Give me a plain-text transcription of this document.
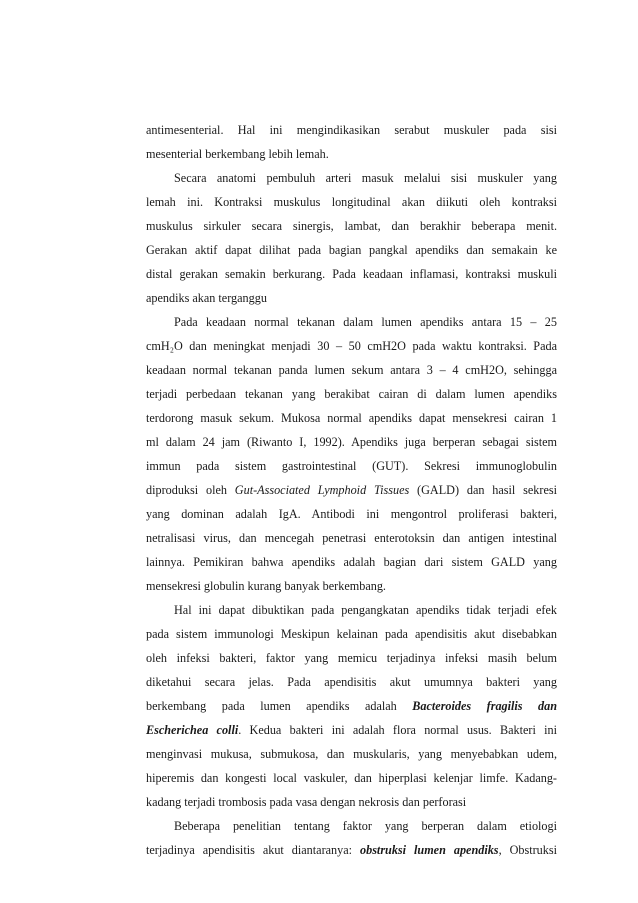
antimesenterial. Hal ini mengindikasikan serabut muskuler pada sisi
mesenterial berkembang lebih lemah.
Secara anatomi pembuluh arteri masuk melalui sisi muskuler yang
lemah ini. Kontraksi muskulus longitudinal akan diikuti oleh kontraksi
muskulus sirkuler secara sinergis, lambat, dan berakhir beberapa menit.
Gerakan aktif dapat dilihat pada bagian pangkal apendiks dan semakain ke
distal gerakan semakin berkurang. Pada keadaan inflamasi, kontraksi muskuli
apendiks akan terganggu
Pada keadaan normal tekanan dalam lumen apendiks antara 15 – 25
cmH₂O dan meningkat menjadi 30 – 50 cmH2O pada waktu kontraksi. Pada
keadaan normal tekanan panda lumen sekum antara 3 – 4 cmH2O, sehingga
terjadi perbedaan tekanan yang berakibat cairan di dalam lumen apendiks
terdorong masuk sekum. Mukosa normal apendiks dapat mensekresi cairan 1
ml dalam 24 jam (Riwanto I, 1992). Apendiks juga berperan sebagai sistem
immun pada sistem gastrointestinal (GUT). Sekresi immunoglobulin
diproduksi oleh Gut-Associated Lymphoid Tissues (GALD) dan hasil sekresi
yang dominan adalah IgA. Antibodi ini mengontrol proliferasi bakteri,
netralisasi virus, dan mencegah penetrasi enterotoksin dan antigen intestinal
lainnya. Pemikiran bahwa apendiks adalah bagian dari sistem GALD yang
mensekresi globulin kurang banyak berkembang.
Hal ini dapat dibuktikan pada pengangkatan apendiks tidak terjadi efek
pada sistem immunologi Meskipun kelainan pada apendisitis akut disebabkan
oleh infeksi bakteri, faktor yang memicu terjadinya infeksi masih belum
diketahui secara jelas. Pada apendisitis akut umumnya bakteri yang
berkembang pada lumen apendiks adalah Bacteroides fragilis dan
Escherichea colli. Kedua bakteri ini adalah flora normal usus. Bakteri ini
menginvasi mukusa, submukosa, dan muskularis, yang menyebabkan udem,
hiperemis dan kongesti local vaskuler, dan hiperplasi kelenjar limfe. Kadang-
kadang terjadi trombosis pada vasa dengan nekrosis dan perforasi
Beberapa penelitian tentang faktor yang berperan dalam etiologi
terjadinya apendisitis akut diantaranya: obstruksi lumen apendiks, Obstruksi
